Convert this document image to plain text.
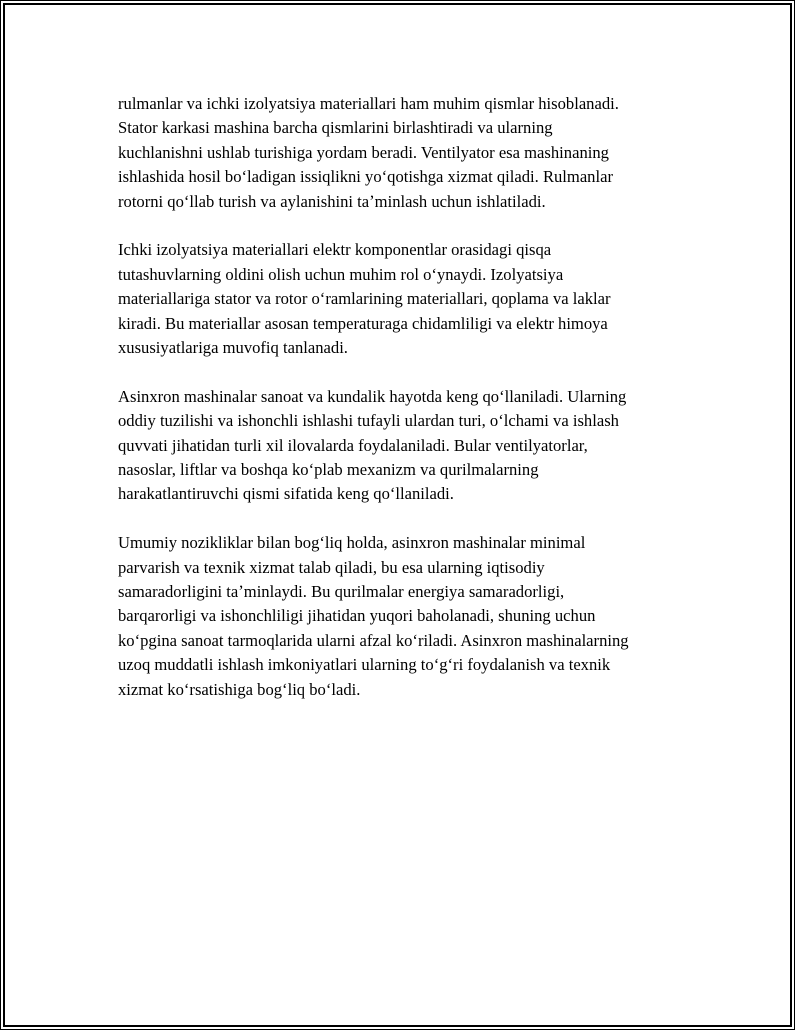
rulmanlar va ichki izolyatsiya materiallari ham muhim qismlar hisoblanadi.
Stator karkasi mashina barcha qismlarini birlashtiradi va ularning
kuchlanishni ushlab turishiga yordam beradi. Ventilyator esa mashinaning
ishlashida hosil boʻladigan issiqlikni yoʻqotishga xizmat qiladi. Rulmanlar
rotorni qoʻllab turish va aylanishini taʼminlash uchun ishlatiladi.

Ichki izolyatsiya materiallari elektr komponentlar orasidagi qisqa
tutashuvlarning oldini olish uchun muhim rol oʻynaydi. Izolyatsiya
materiallariga stator va rotor oʻramlarining materiallari, qoplama va laklar
kiradi. Bu materiallar asosan temperaturaga chidamliligi va elektr himoya
xususiyatlariga muvofiq tanlanadi.

Asinxron mashinalar sanoat va kundalik hayotda keng qoʻllaniladi. Ularning
oddiy tuzilishi va ishonchli ishlashi tufayli ulardan turi, oʻlchami va ishlash
quvvati jihatidan turli xil ilovalarda foydalaniladi. Bular ventilyatorlar,
nasoslar, liftlar va boshqa koʻplab mexanizm va qurilmalarning
harakatlantiruvchi qismi sifatida keng qoʻllaniladi.

Umumiy nozikliklar bilan bogʻliq holda, asinxron mashinalar minimal
parvarish va texnik xizmat talab qiladi, bu esa ularning iqtisodiy
samaradorligini taʼminlaydi. Bu qurilmalar energiya samaradorligi,
barqarorligi va ishonchliligi jihatidan yuqori baholanadi, shuning uchun
koʻpgina sanoat tarmoqlarida ularni afzal koʻriladi. Asinxron mashinalarning
uzoq muddatli ishlash imkoniyatlari ularning toʻgʻri foydalanish va texnik
xizmat koʻrsatishiga bogʻliq boʻladi.
